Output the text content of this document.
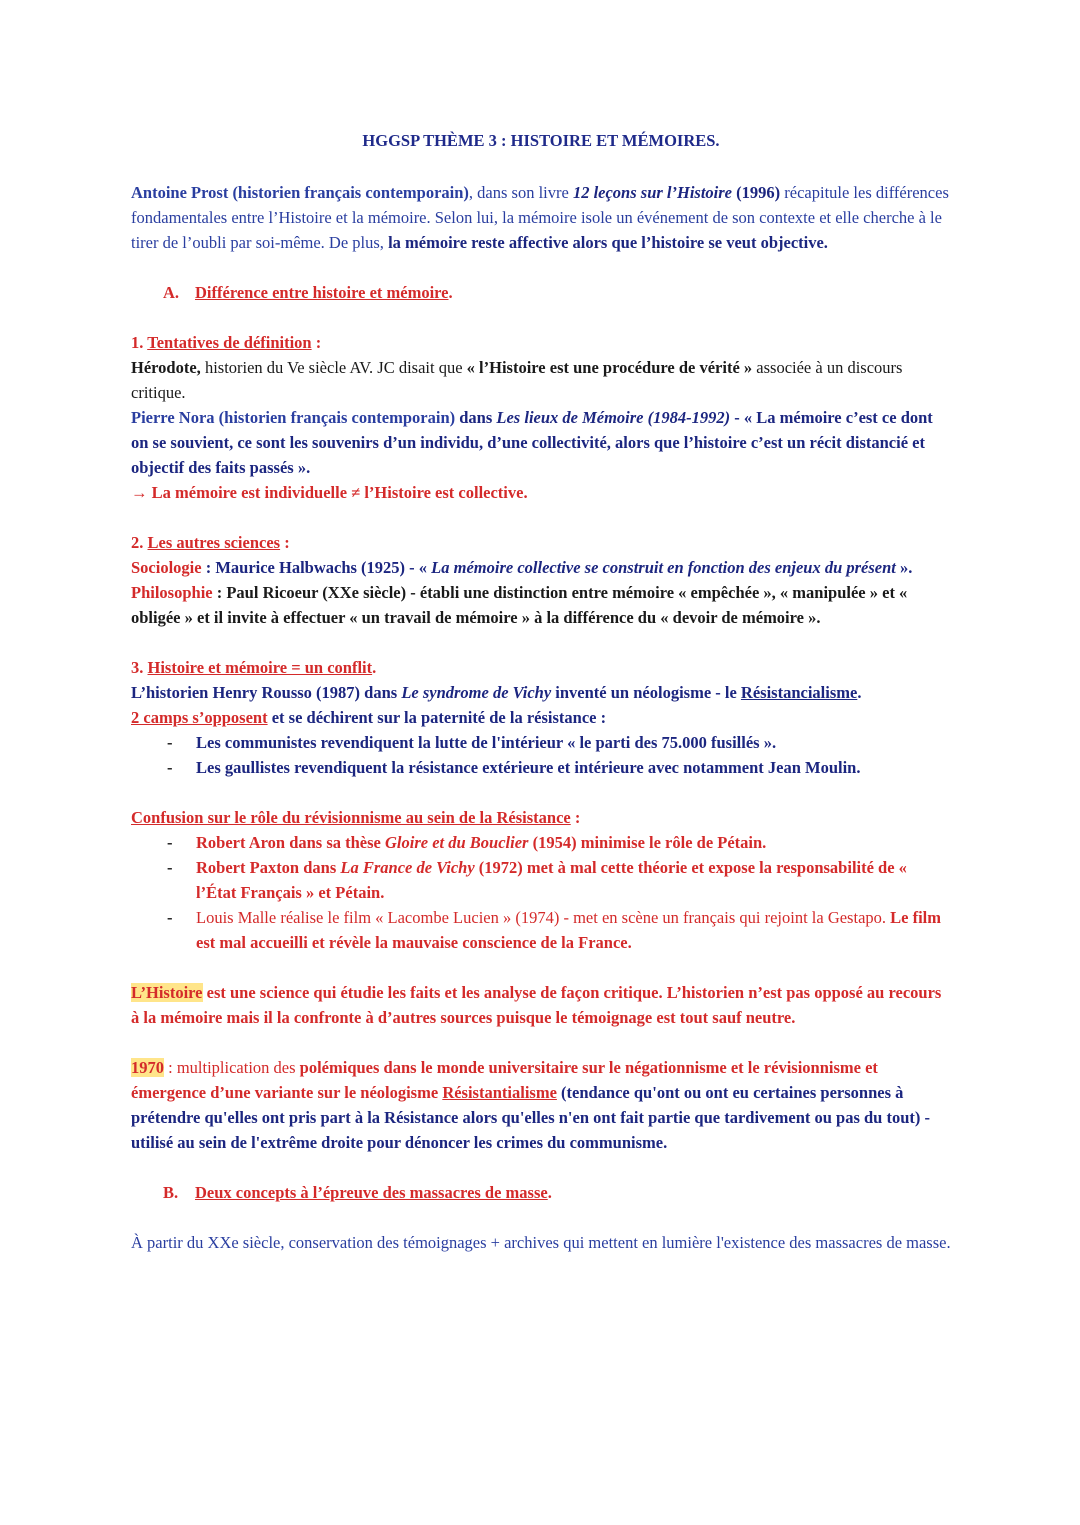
HGGSP THÈME 3 : HISTOIRE ET MÉMOIRES.

Antoine Prost (historien français contemporain), dans son livre 12 leçons sur l’Histoire (1996) récapitule les différences fondamentales entre l’Histoire et la mémoire. Selon lui, la mémoire isole un événement de son contexte et elle cherche à le tirer de l’oubli par soi-même. De plus, la mémoire reste affective alors que l’histoire se veut objective.

A. Différence entre histoire et mémoire.

1. Tentatives de définition :

Hérodote, historien du Ve siècle AV. JC disait que « l’Histoire est une procédure de vérité » associée à un discours critique.

Pierre Nora (historien français contemporain) dans Les lieux de Mémoire (1984-1992) - « La mémoire c’est ce dont on se souvient, ce sont les souvenirs d’un individu, d’une collectivité, alors que l’histoire c’est un récit distancié et objectif des faits passés ».

→ La mémoire est individuelle ≠ l’Histoire est collective.

2. Les autres sciences :

Sociologie : Maurice Halbwachs (1925) - « La mémoire collective se construit en fonction des enjeux du présent ».

Philosophie : Paul Ricoeur (XXe siècle) - établi une distinction entre mémoire « empêchée », « manipulée » et « obligée » et il invite à effectuer « un travail de mémoire » à la différence du « devoir de mémoire ».

3. Histoire et mémoire = un conflit.

L’historien Henry Rousso (1987) dans Le syndrome de Vichy inventé un néologisme - le Résistancialisme.

2 camps s’opposent et se déchirent sur la paternité de la résistance :

- Les communistes revendiquent la lutte de l'intérieur « le parti des 75.000 fusillés ».
- Les gaullistes revendiquent la résistance extérieure et intérieure avec notamment Jean Moulin.

Confusion sur le rôle du révisionnisme au sein de la Résistance :

- Robert Aron dans sa thèse Gloire et du Bouclier (1954) minimise le rôle de Pétain.
- Robert Paxton dans La France de Vichy (1972) met à mal cette théorie et expose la responsabilité de « l’État Français » et Pétain.
- Louis Malle réalise le film « Lacombe Lucien » (1974) - met en scène un français qui rejoint la Gestapo. Le film est mal accueilli et révèle la mauvaise conscience de la France.

L’Histoire est une science qui étudie les faits et les analyse de façon critique. L’historien n’est pas opposé au recours à la mémoire mais il la confronte à d’autres sources puisque le témoignage est tout sauf neutre.

1970 : multiplication des polémiques dans le monde universitaire sur le négationnisme et le révisionnisme et émergence d’une variante sur le néologisme Résistantialisme (tendance qu'ont ou ont eu certaines personnes à prétendre qu'elles ont pris part à la Résistance alors qu'elles n'en ont fait partie que tardivement ou pas du tout) - utilisé au sein de l'extrême droite pour dénoncer les crimes du communisme.

B. Deux concepts à l’épreuve des massacres de masse.

À partir du XXe siècle, conservation des témoignages + archives qui mettent en lumière l'existence des massacres de masse.
